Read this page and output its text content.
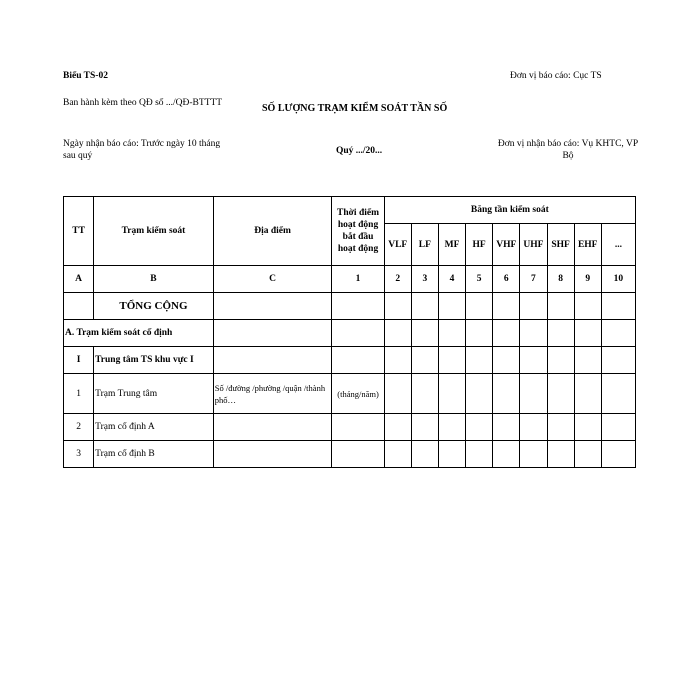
Biểu TS-02	Đơn vị báo cáo: Cục TS
Ban hành kèm theo QĐ số .../QĐ-BTTTT	SỐ LƯỢNG TRẠM KIỂM SOÁT TẦN SỐ
Ngày nhận báo cáo: Trước ngày 10 tháng sau quý	Quý .../20...
Đơn vị nhận báo cáo: Vụ KHTC, VP Bộ
TT	Trạm kiểm soát	Địa điểm	Thời điểm hoạt động bắt đầu hoạt động	Băng tần kiểm soát								
				VLF	LF	MF	HF	VHF	UHF	SHF	EHF	...
A	B	C	1	2	3	4	5	6	7	8	9	10
	TỔNG CỘNG											
A. Trạm kiểm soát cố định												
I	Trung tâm TS khu vực I											
1	Trạm Trung tâm	Số /đường /phường /quận /thành phố…	(tháng/năm)									
2	Trạm cố định A											
3	Trạm cố định B											
